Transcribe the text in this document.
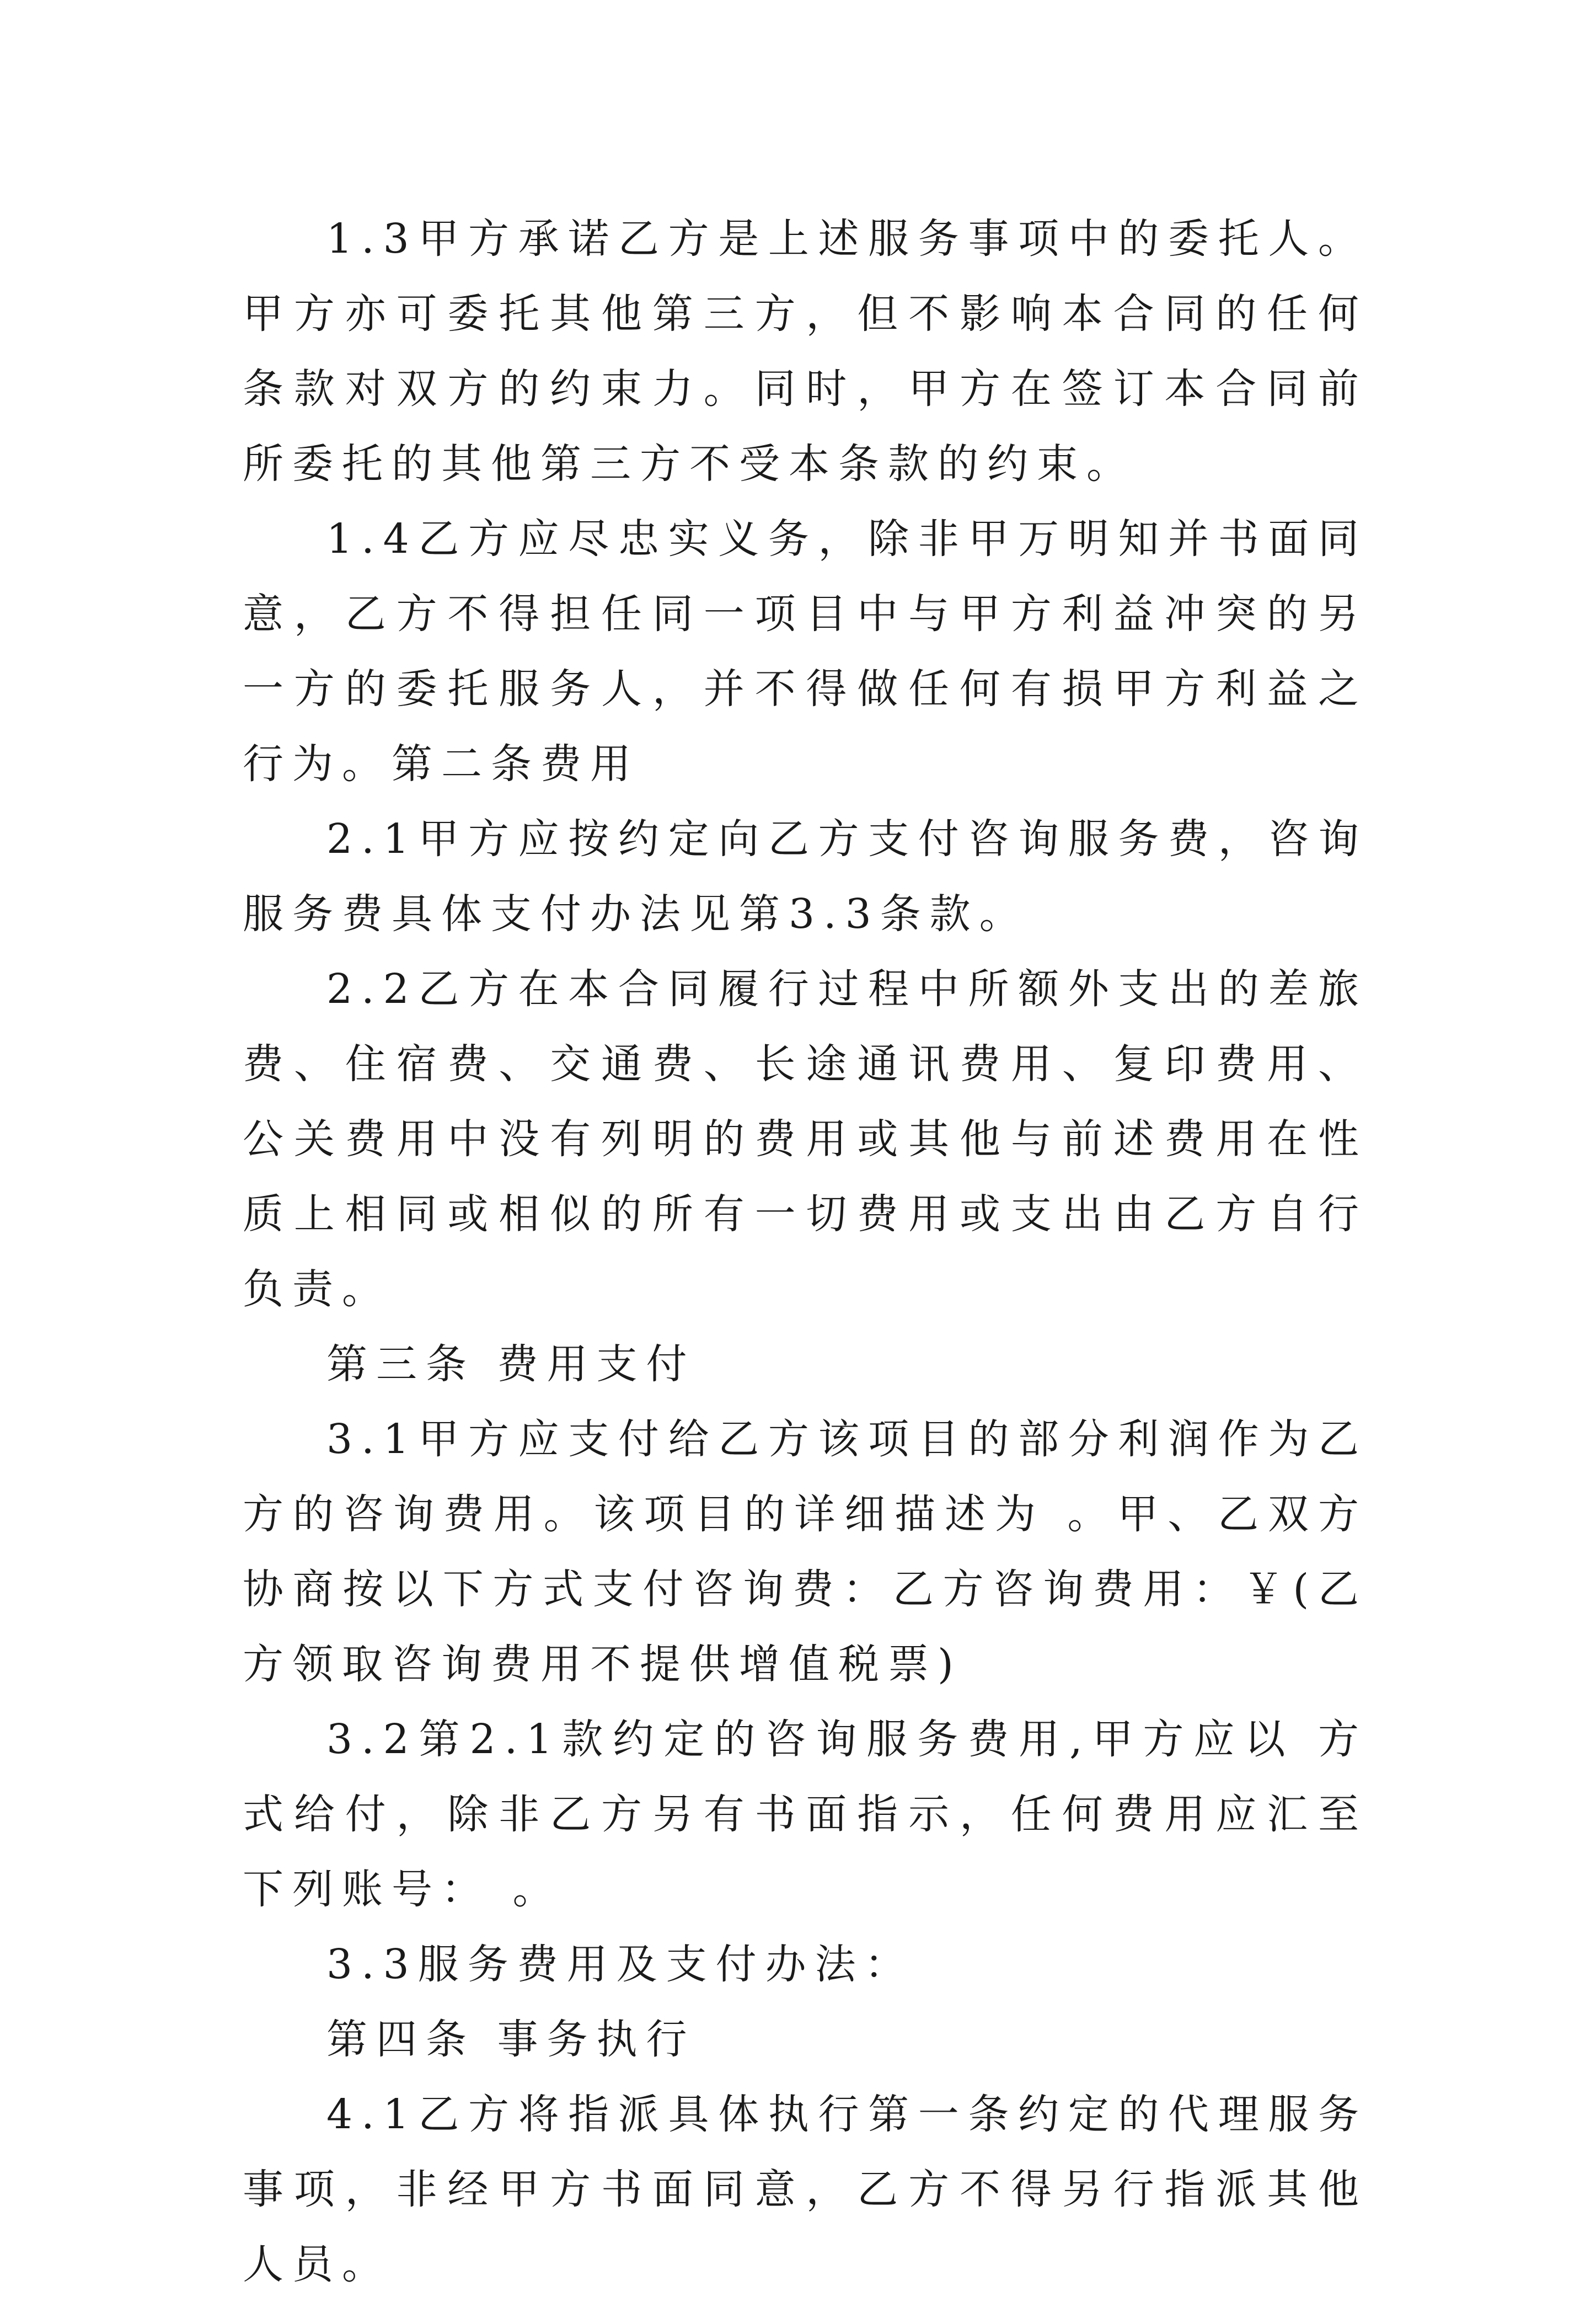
1.3甲方承诺乙方是上述服务事项中的委托人。甲方亦可委托其他第三方，但不影响本合同的任何条款对双方的约束力。同时，甲方在签订本合同前所委托的其他第三方不受本条款的约束。

1.4乙方应尽忠实义务，除非甲万明知并书面同意，乙方不得担任同一项目中与甲方利益冲突的另一方的委托服务人，并不得做任何有损甲方利益之行为。第二条费用

2.1甲方应按约定向乙方支付咨询服务费，咨询服务费具体支付办法见第3.3条款。

2.2乙方在本合同履行过程中所额外支出的差旅费、住宿费、交通费、长途通讯费用、复印费用、公关费用中没有列明的费用或其他与前述费用在性质上相同或相似的所有一切费用或支出由乙方自行负责。

第三条 费用支付

3.1甲方应支付给乙方该项目的部分利润作为乙方的咨询费用。该项目的详细描述为 。甲、乙双方协商按以下方式支付咨询费：乙方咨询费用：￥(乙方领取咨询费用不提供增值税票)

3.2第2.1款约定的咨询服务费用,甲方应以 方式给付，除非乙方另有书面指示，任何费用应汇至下列账号： 。

3.3服务费用及支付办法：

第四条 事务执行

4.1乙方将指派具体执行第一条约定的代理服务事项，非经甲方书面同意，乙方不得另行指派其他人员。
